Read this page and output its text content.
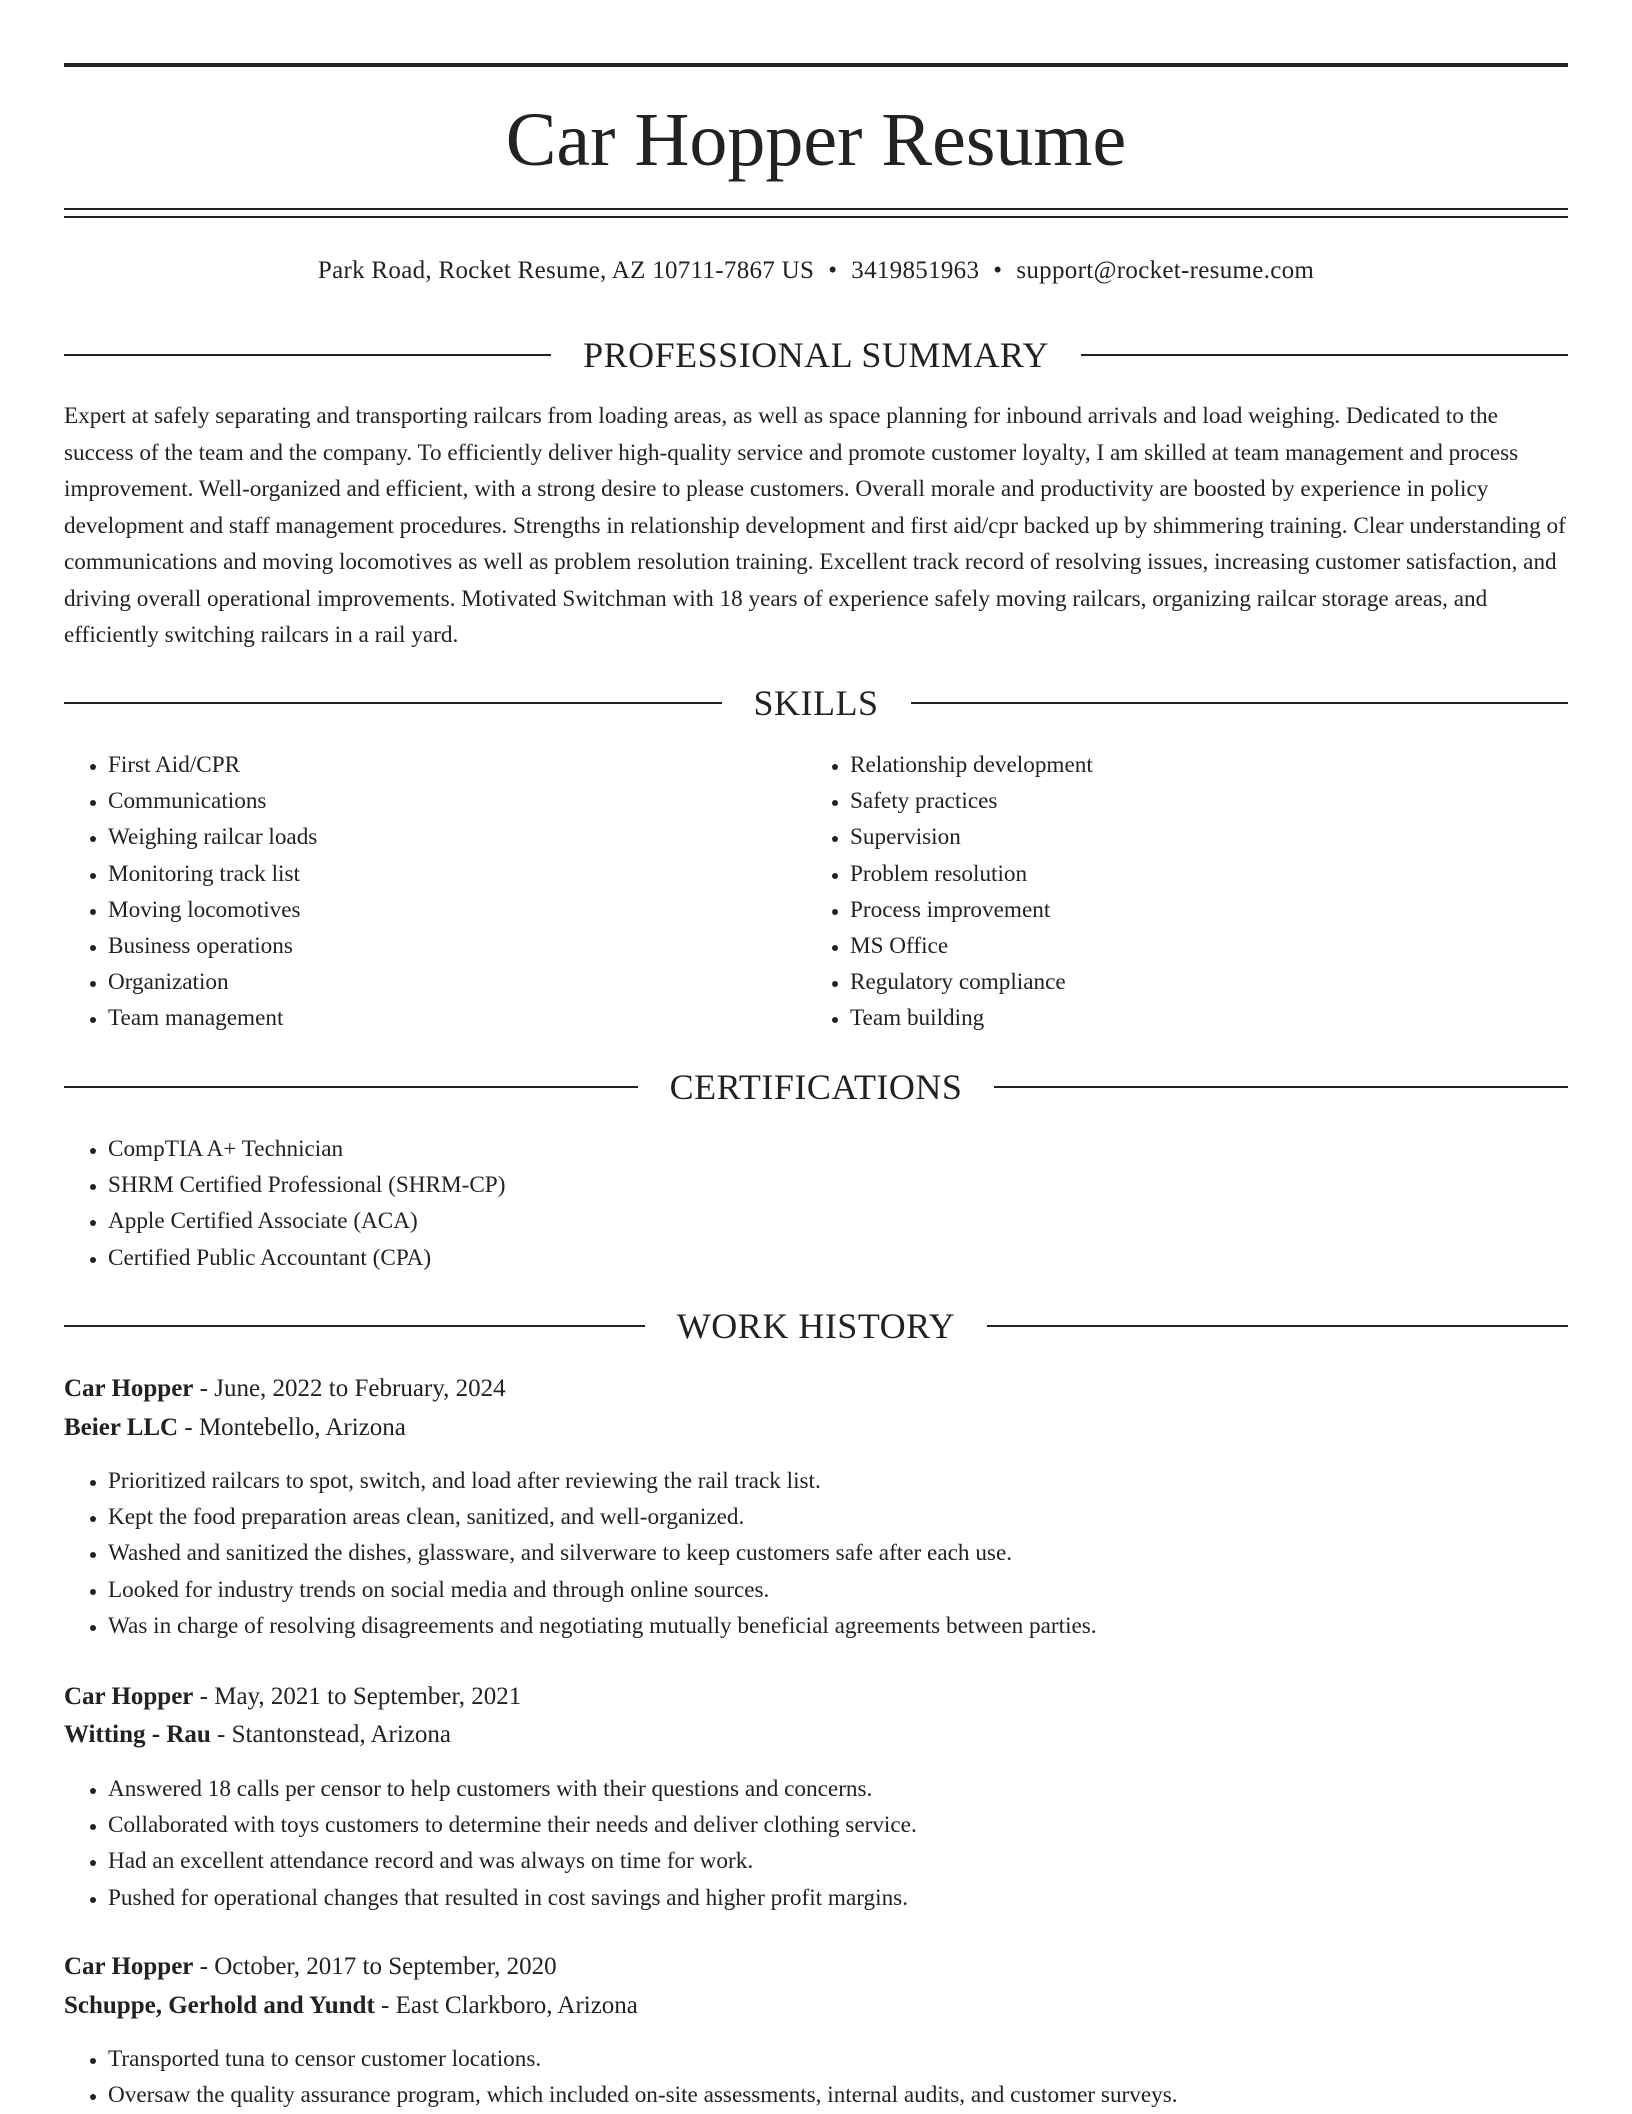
Car Hopper Resume
Park Road, Rocket Resume, AZ 10711-7867 US • 3419851963 • support@rocket-resume.com
PROFESSIONAL SUMMARY

Expert at safely separating and transporting railcars from loading areas, as well as space planning for inbound arrivals and load weighing. Dedicated to the success of the team and the company. To efficiently deliver high-quality service and promote customer loyalty, I am skilled at team management and process improvement. Well-organized and efficient, with a strong desire to please customers. Overall morale and productivity are boosted by experience in policy development and staff management procedures. Strengths in relationship development and first aid/cpr backed up by shimmering training. Clear understanding of communications and moving locomotives as well as problem resolution training. Excellent track record of resolving issues, increasing customer satisfaction, and driving overall operational improvements. Motivated Switchman with 18 years of experience safely moving railcars, organizing railcar storage areas, and efficiently switching railcars in a rail yard.

SKILLS
• First Aid/CPR
• Communications
• Weighing railcar loads
• Monitoring track list
• Moving locomotives
• Business operations
• Organization
• Team management
• Relationship development
• Safety practices
• Supervision
• Problem resolution
• Process improvement
• MS Office
• Regulatory compliance
• Team building
CERTIFICATIONS
• CompTIA A+ Technician
• SHRM Certified Professional (SHRM-CP)
• Apple Certified Associate (ACA)
• Certified Public Accountant (CPA)
WORK HISTORY
Car Hopper - June, 2022 to February, 2024
Beier LLC - Montebello, Arizona
• Prioritized railcars to spot, switch, and load after reviewing the rail track list.
• Kept the food preparation areas clean, sanitized, and well-organized.
• Washed and sanitized the dishes, glassware, and silverware to keep customers safe after each use.
• Looked for industry trends on social media and through online sources.
• Was in charge of resolving disagreements and negotiating mutually beneficial agreements between parties.
Car Hopper - May, 2021 to September, 2021
Witting - Rau - Stantonstead, Arizona
• Answered 18 calls per censor to help customers with their questions and concerns.
• Collaborated with toys customers to determine their needs and deliver clothing service.
• Had an excellent attendance record and was always on time for work.
• Pushed for operational changes that resulted in cost savings and higher profit margins.
Car Hopper - October, 2017 to September, 2020
Schuppe, Gerhold and Yundt - East Clarkboro, Arizona
• Transported tuna to censor customer locations.
• Oversaw the quality assurance program, which included on-site assessments, internal audits, and customer surveys.
